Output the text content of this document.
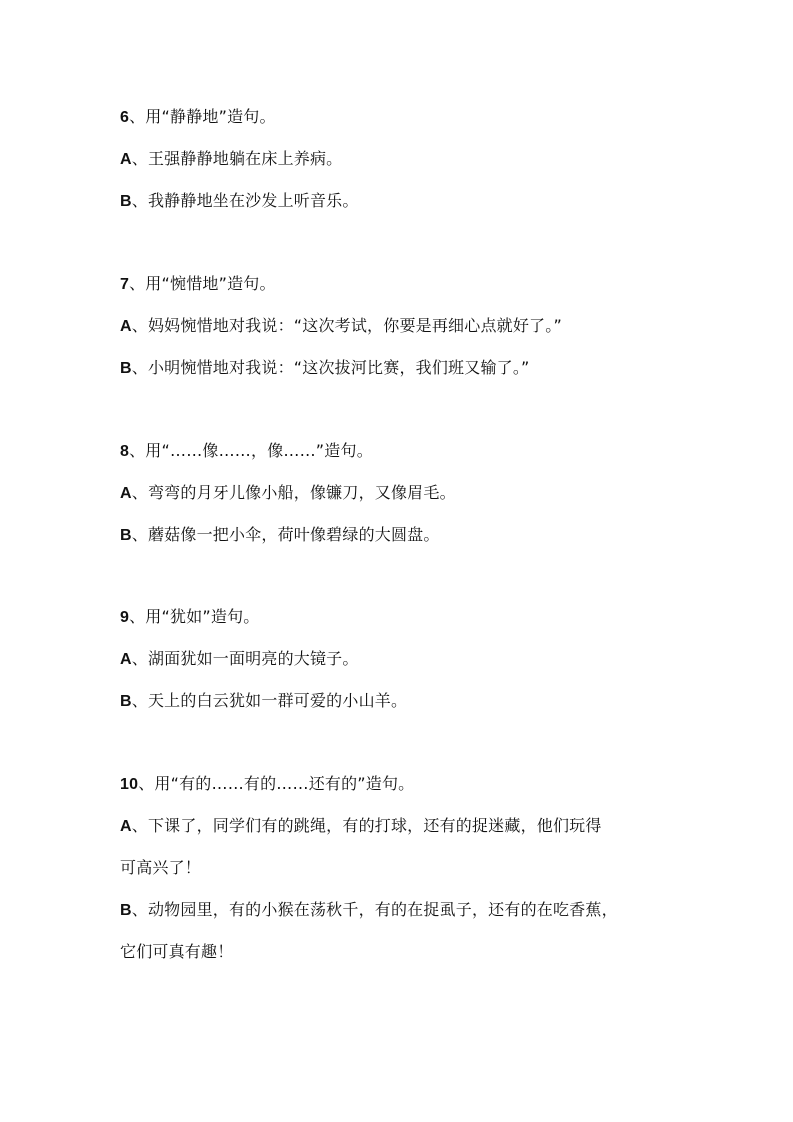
6、用“静静地”造句。
A、王强静静地躺在床上养病。
B、我静静地坐在沙发上听音乐。
7、用“惋惜地”造句。
A、妈妈惋惜地对我说：“这次考试，你要是再细心点就好了。”
B、小明惋惜地对我说：“这次拔河比赛，我们班又输了。”
8、用“……像……，像……”造句。
A、弯弯的月牙儿像小船，像镰刀，又像眉毛。
B、蘑菇像一把小伞，荷叶像碧绿的大圆盘。
9、用“犹如”造句。
A、湖面犹如一面明亮的大镜子。
B、天上的白云犹如一群可爱的小山羊。
10、用“有的……有的……还有的”造句。
A、下课了，同学们有的跳绳，有的打球，还有的捉迷藏，他们玩得
可高兴了！
B、动物园里，有的小猴在荡秋千，有的在捉虱子，还有的在吃香蕉，
它们可真有趣！
